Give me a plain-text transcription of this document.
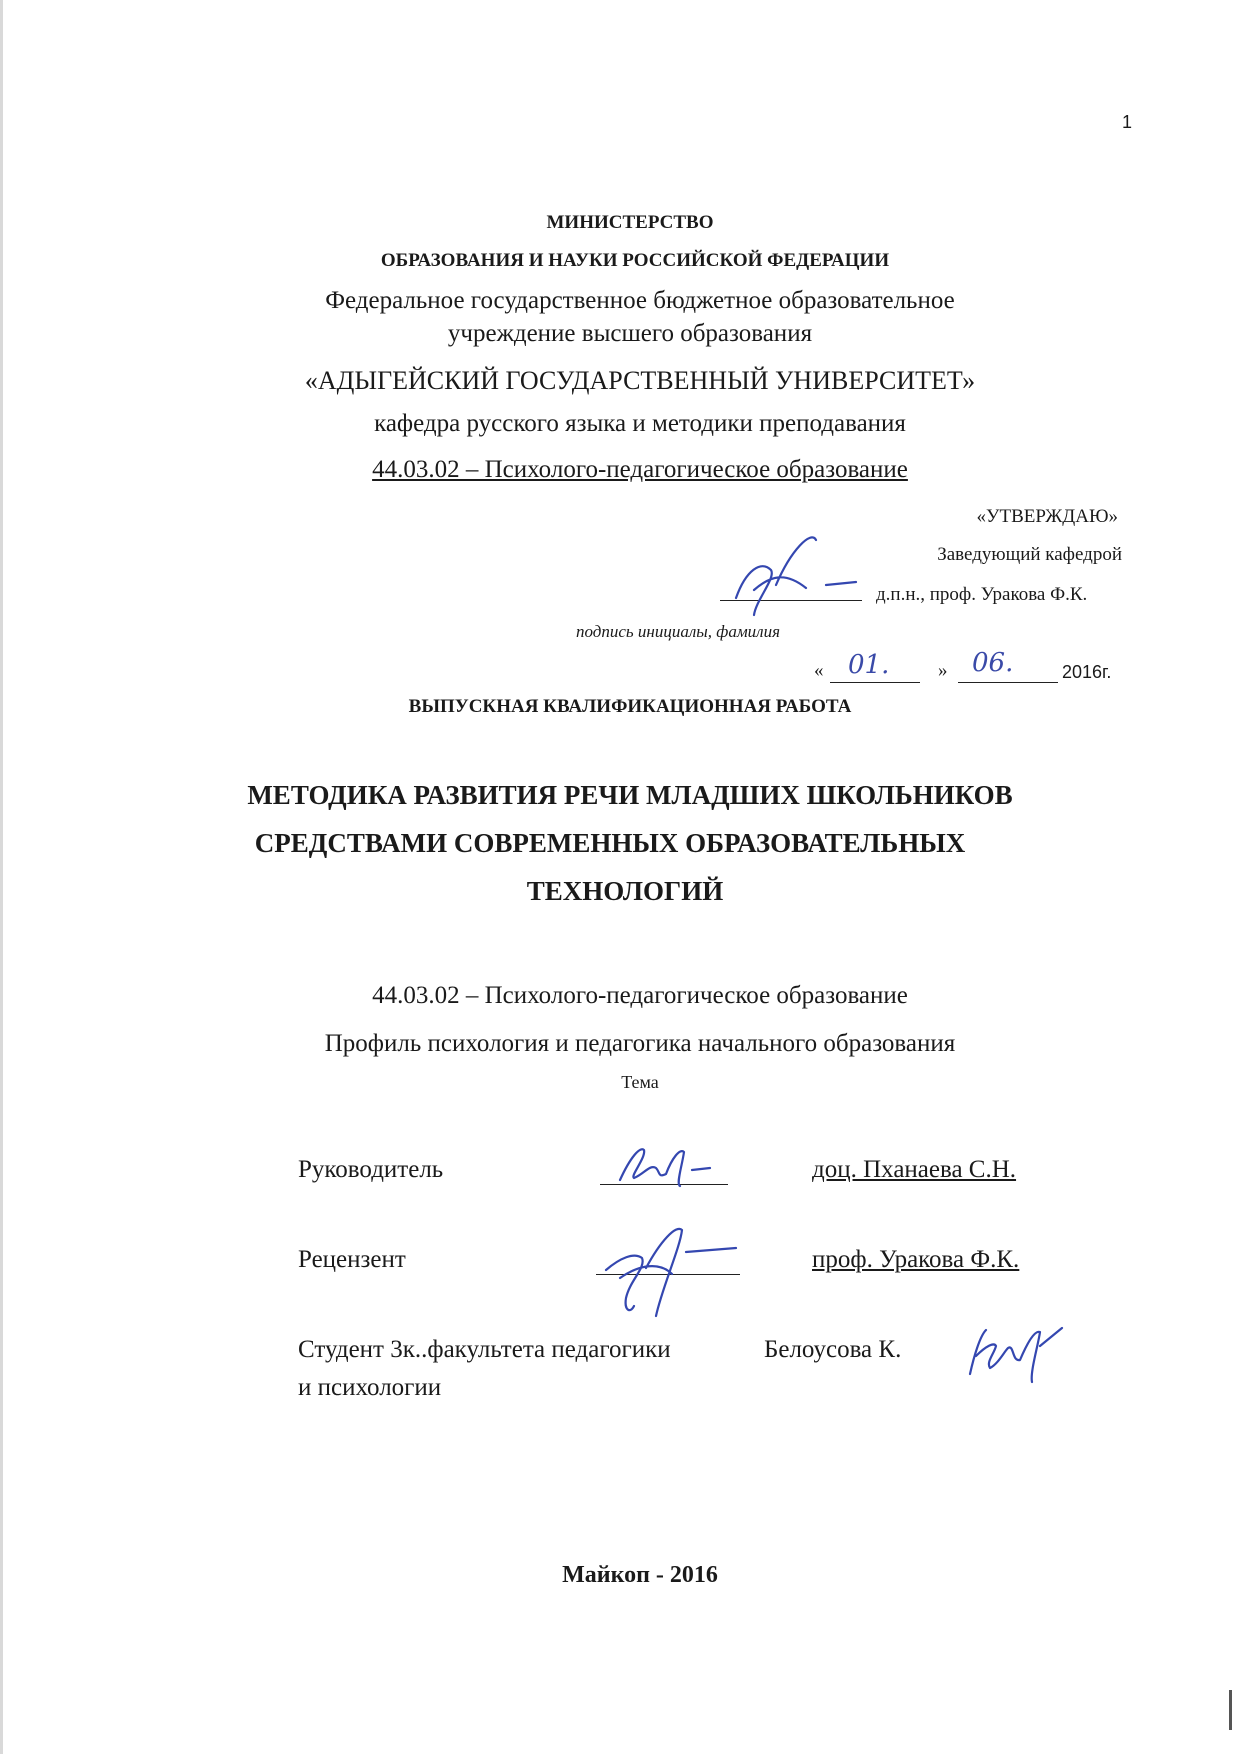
1
МИНИСТЕРСТВО
ОБРАЗОВАНИЯ И НАУКИ РОССИЙСКОЙ ФЕДЕРАЦИИ
Федеральное государственное бюджетное образовательное
учреждение высшего образования
«АДЫГЕЙСКИЙ ГОСУДАРСТВЕННЫЙ УНИВЕРСИТЕТ»
кафедра русского языка и методики преподавания
44.03.02 – Психолого-педагогическое образование
«УТВЕРЖДАЮ»
Заведующий кафедрой
д.п.н., проф. Уракова Ф.К.
подпись инициалы, фамилия
« 01.	» 06.	2016г.
ВЫПУСКНАЯ КВАЛИФИКАЦИОННАЯ РАБОТА
МЕТОДИКА РАЗВИТИЯ РЕЧИ МЛАДШИХ ШКОЛЬНИКОВ
СРЕДСТВАМИ СОВРЕМЕННЫХ ОБРАЗОВАТЕЛЬНЫХ
ТЕХНОЛОГИЙ
44.03.02 – Психолого-педагогическое образование
Профиль психология и педагогика начального образования
Тема
Руководитель	доц. Пханаева С.Н.
Рецензент	проф. Уракова Ф.К.
Студент 3к..факультета педагогики	Белоусова К.
и психологии
Майкоп - 2016
